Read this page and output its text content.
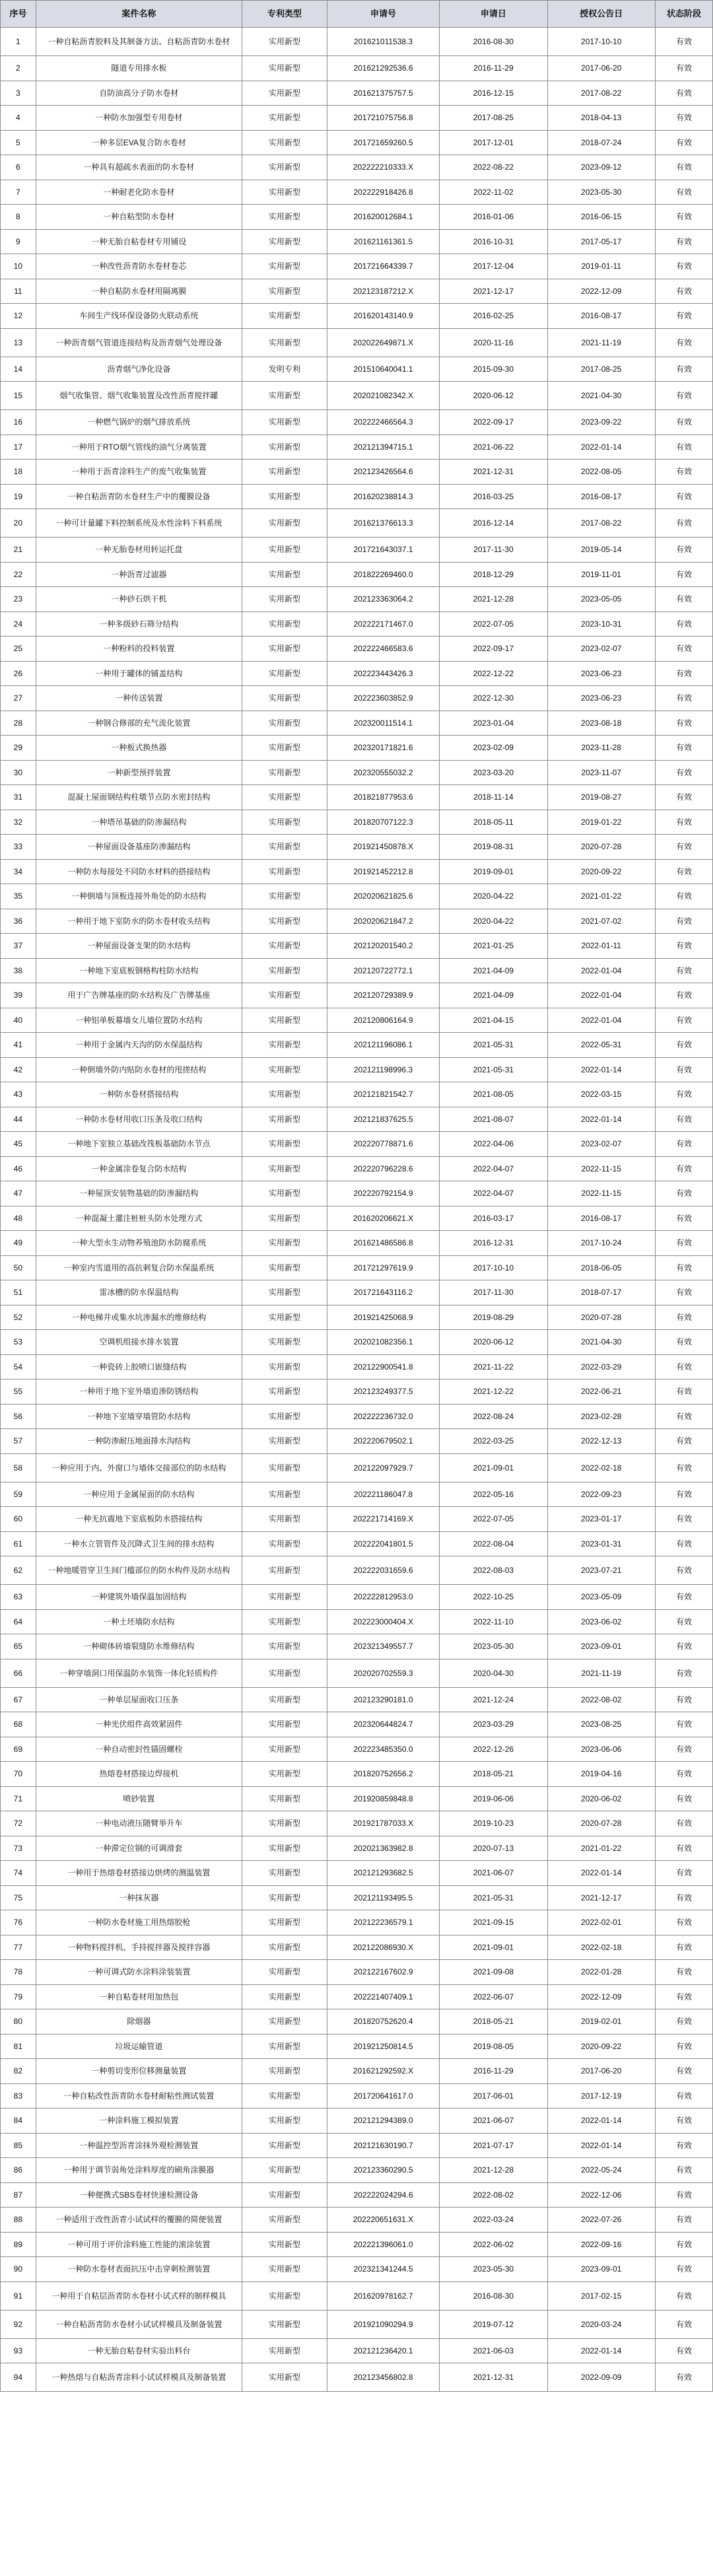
序号	案件名称	专利类型	申请号	申请日	授权公告日	状态阶段
1	一种自粘沥青胶料及其制备方法、自粘沥青防水卷材	实用新型	201621011538.3	2016-08-30	2017-10-10	有效
2	隧道专用排水板	实用新型	201621292536.6	2016-11-29	2017-06-20	有效
3	自防油高分子防水卷材	实用新型	201621375757.5	2016-12-15	2017-08-22	有效
4	一种防水加强型专用卷材	实用新型	201721075756.8	2017-08-25	2018-04-13	有效
5	一种多层EVA复合防水卷材	实用新型	201721659260.5	2017-12-01	2018-07-24	有效
6	一种具有超疏水表面的防水卷材	实用新型	202222210333.X	2022-08-22	2023-09-12	有效
7	一种耐老化防水卷材	实用新型	202222918426.8	2022-11-02	2023-05-30	有效
8	一种自粘型防水卷材	实用新型	201620012684.1	2016-01-06	2016-06-15	有效
9	一种无胎自粘卷材专用铺设	实用新型	201621161361.5	2016-10-31	2017-05-17	有效
10	一种改性沥青防水卷材卷芯	实用新型	201721664339.7	2017-12-04	2019-01-11	有效
11	一种自粘防水卷材用隔离膜	实用新型	202123187212.X	2021-12-17	2022-12-09	有效
12	车间生产线环保设备防火联动系统	实用新型	201620143140.9	2016-02-25	2016-08-17	有效
13	一种沥青烟气管道连接结构及沥青烟气处理设备	实用新型	202022649871.X	2020-11-16	2021-11-19	有效
14	沥青烟气净化设备	发明专利	201510640041.1	2015-09-30	2017-08-25	有效
15	烟气收集管、烟气收集装置及改性沥青搅拌罐	实用新型	202021082342.X	2020-06-12	2021-04-30	有效
16	一种燃气锅炉的烟气排放系统	实用新型	202222466564.3	2022-09-17	2023-09-22	有效
17	一种用于RTO烟气管线的油气分离装置	实用新型	202121394715.1	2021-06-22	2022-01-14	有效
18	一种用于沥青涂料生产的废气收集装置	实用新型	202123426564.6	2021-12-31	2022-08-05	有效
19	一种自粘沥青防水卷材生产中的覆膜设备	实用新型	201620238814.3	2016-03-25	2016-08-17	有效
20	一种可计量罐下料控制系统及水性涂料下料系统	实用新型	201621376613.3	2016-12-14	2017-08-22	有效
21	一种无胎卷材用转运托盘	实用新型	201721643037.1	2017-11-30	2019-05-14	有效
22	一种沥青过滤器	实用新型	201822269460.0	2018-12-29	2019-11-01	有效
23	一种砂石烘干机	实用新型	202123363064.2	2021-12-28	2023-05-05	有效
24	一种多级砂石筛分结构	实用新型	202222171467.0	2022-07-05	2023-10-31	有效
25	一种粉料的投料装置	实用新型	202222466583.6	2022-09-17	2023-02-07	有效
26	一种用于罐体的铺盖结构	实用新型	202223443426.3	2022-12-22	2023-06-23	有效
27	一种传送装置	实用新型	202223603852.9	2022-12-30	2023-06-23	有效
28	一种钢合修部的充气流化装置	实用新型	202320011514.1	2023-01-04	2023-08-18	有效
29	一种板式换热器	实用新型	202320171821.6	2023-02-09	2023-11-28	有效
30	一种新型预拌装置	实用新型	202320555032.2	2023-03-20	2023-11-07	有效
31	混凝土屋面钢结构柱墩节点防水密封结构	实用新型	201821877953.6	2018-11-14	2019-08-27	有效
32	一种塔吊基础的防渗漏结构	实用新型	201820707122.3	2018-05-11	2019-01-22	有效
33	一种屋面设备基座防渗漏结构	实用新型	201921450878.X	2019-08-31	2020-07-28	有效
34	一种防水每接处不同防水材料的搭接结构	实用新型	201921452212.8	2019-09-01	2020-09-22	有效
35	一种倒墙与顶板连接外角处的防水结构	实用新型	202020621825.6	2020-04-22	2021-01-22	有效
36	一种用于地下室防水的防水卷材收头结构	实用新型	202020621847.2	2020-04-22	2021-07-02	有效
37	一种屋面设备支架的防水结构	实用新型	202120201540.2	2021-01-25	2022-01-11	有效
38	一种地下室底板钢格构柱防水结构	实用新型	202120722772.1	2021-04-09	2022-01-04	有效
39	用于广告牌基座的防水结构及广告牌基座	实用新型	202120729389.9	2021-04-09	2022-01-04	有效
40	一种铝单板幕墙女儿墙位置防水结构	实用新型	202120806164.9	2021-04-15	2022-01-04	有效
41	一种用于金属内天沟的防水保温结构	实用新型	202121196086.1	2021-05-31	2022-05-31	有效
42	一种倒墙外防内贴防水卷材的甩搓结构	实用新型	202121198996.3	2021-05-31	2022-01-14	有效
43	一种防水卷材搭接结构	实用新型	202121821542.7	2021-08-05	2022-03-15	有效
44	一种防水卷材用收口压条及收口结构	实用新型	202121837625.5	2021-08-07	2022-01-14	有效
45	一种地下室独立基础改筏板基础防水节点	实用新型	202220778871.6	2022-04-06	2023-02-07	有效
46	一种金属涂卷复合防水结构	实用新型	202220796228.6	2022-04-07	2022-11-15	有效
47	一种屋顶安装物基础的防渗漏结构	实用新型	202220792154.9	2022-04-07	2022-11-15	有效
48	一种混凝土灌注桩桩头防水处理方式	实用新型	201620206621.X	2016-03-17	2016-08-17	有效
49	一种大型水生动物养殖池防水防腐系统	实用新型	201621486586.8	2016-12-31	2017-10-24	有效
50	一种室内雪道用的高抗刺复合防水保温系统	实用新型	201721297619.9	2017-10-10	2018-06-05	有效
51	雷冰槽的防水保温结构	实用新型	201721643116.2	2017-11-30	2018-07-17	有效
52	一种电梯井或集水坑渗漏水的维修结构	实用新型	201921425068.9	2019-08-29	2020-07-28	有效
53	空调机组接水排水装置	实用新型	202021082356.1	2020-06-12	2021-04-30	有效
54	一种瓷砖上胶喷口嵌缝结构	实用新型	202122900541.8	2021-11-22	2022-03-29	有效
55	一种用于地下室外墙追渗防锈结构	实用新型	202123249377.5	2021-12-22	2022-06-21	有效
56	一种地下室墙穿墙管防水结构	实用新型	202222236732.0	2022-08-24	2023-02-28	有效
57	一种防渗耐压地面排水沟结构	实用新型	202220679502.1	2022-03-25	2022-12-13	有效
58	一种应用于内、外窗口与墙体交接部位的防水结构	实用新型	202122097929.7	2021-09-01	2022-02-18	有效
59	一种应用于金属屋面的防水结构	实用新型	202221186047.8	2022-05-16	2022-09-23	有效
60	一种无抗震地下室底板防水搭接结构	实用新型	202221714169.X	2022-07-05	2023-01-17	有效
61	一种水立管管件及沉降式卫生间的排水结构	实用新型	202222041801.5	2022-08-04	2023-01-31	有效
62	一种地暖管穿卫生间门槛部位的防水构件及防水结构	实用新型	202222031659.6	2022-08-03	2023-07-21	有效
63	一种建筑外墙保温加固结构	实用新型	202222812953.0	2022-10-25	2023-05-09	有效
64	一种土坯墙防水结构	实用新型	202223000404.X	2022-11-10	2023-06-02	有效
65	一种砌体砖墙裂缝防水维修结构	实用新型	202321349557.7	2023-05-30	2023-09-01	有效
66	一种穿墙洞口用保温防水装饰一体化轻质构件	实用新型	202020702559.3	2020-04-30	2021-11-19	有效
67	一种单层屋面收口压条	实用新型	202123290181.0	2021-12-24	2022-08-02	有效
68	一种光伏组件高效紧固件	实用新型	202320644824.7	2023-03-29	2023-08-25	有效
69	一种自动密封性锚固螺栓	实用新型	202223485350.0	2022-12-26	2023-06-06	有效
70	热熔卷材搭接边焊接机	实用新型	201820752656.2	2018-05-21	2019-04-16	有效
71	喷砂装置	实用新型	201920859848.8	2019-06-06	2020-06-02	有效
72	一种电动液压随臂举升车	实用新型	201921787033.X	2019-10-23	2020-07-28	有效
73	一种滞定位钢的可调滑套	实用新型	202021363982.8	2020-07-13	2021-01-22	有效
74	一种用于热熔卷材搭接边烘烤的测温装置	实用新型	202121293682.5	2021-06-07	2022-01-14	有效
75	一种抹灰器	实用新型	202121193495.5	2021-05-31	2021-12-17	有效
76	一种防水卷材施工用热熔胶枪	实用新型	202122236579.1	2021-09-15	2022-02-01	有效
77	一种物料搅拌机、手持搅拌器及搅拌容器	实用新型	202122086930.X	2021-09-01	2022-02-18	有效
78	一种可调式防水涂料涂装装置	实用新型	202122167602.9	2021-09-08	2022-01-28	有效
79	一种自粘卷材用加热包	实用新型	202221407409.1	2022-06-07	2022-12-09	有效
80	除烟器	实用新型	201820752620.4	2018-05-21	2019-02-01	有效
81	垃圾运输管道	实用新型	201921250814.5	2019-08-05	2020-09-22	有效
82	一种剪切变形位移测量装置	实用新型	201621292592.X	2016-11-29	2017-06-20	有效
83	一种自粘改性沥青防水卷材耐粘性测试装置	实用新型	201720641617.0	2017-06-01	2017-12-19	有效
84	一种涂料施工模拟装置	实用新型	202121294389.0	2021-06-07	2022-01-14	有效
85	一种温控型沥青涂抹外观检测装置	实用新型	202121630190.7	2021-07-17	2022-01-14	有效
86	一种用于调节弱角处涂料厚度的刷角涂膜器	实用新型	202123360290.5	2021-12-28	2022-05-24	有效
87	一种便携式SBS卷材快速检测设备	实用新型	202222024294.6	2022-08-02	2022-12-06	有效
88	一种适用于改性沥青小试试样的覆膜的简便装置	实用新型	202220651631.X	2022-03-24	2022-07-26	有效
89	一种可用于评价涂料施工性能的滚涂装置	实用新型	202221396061.0	2022-06-02	2022-09-16	有效
90	一种防水卷材表面抗压中击穿刺检测装置	实用新型	202321341244.5	2023-05-30	2023-09-01	有效
91	一种用于自粘层沥青防水卷材小试式样的制样模具	实用新型	201620978162.7	2016-08-30	2017-02-15	有效
92	一种自粘沥青防水卷材小试试样模具及制备装置	实用新型	201921090294.9	2019-07-12	2020-03-24	有效
93	一种无胎自粘卷材实验出料台	实用新型	202121236420.1	2021-06-03	2022-01-14	有效
94	一种热熔与自粘沥青涂料小试试样模具及制备装置	实用新型	202123456802.8	2021-12-31	2022-09-09	有效
